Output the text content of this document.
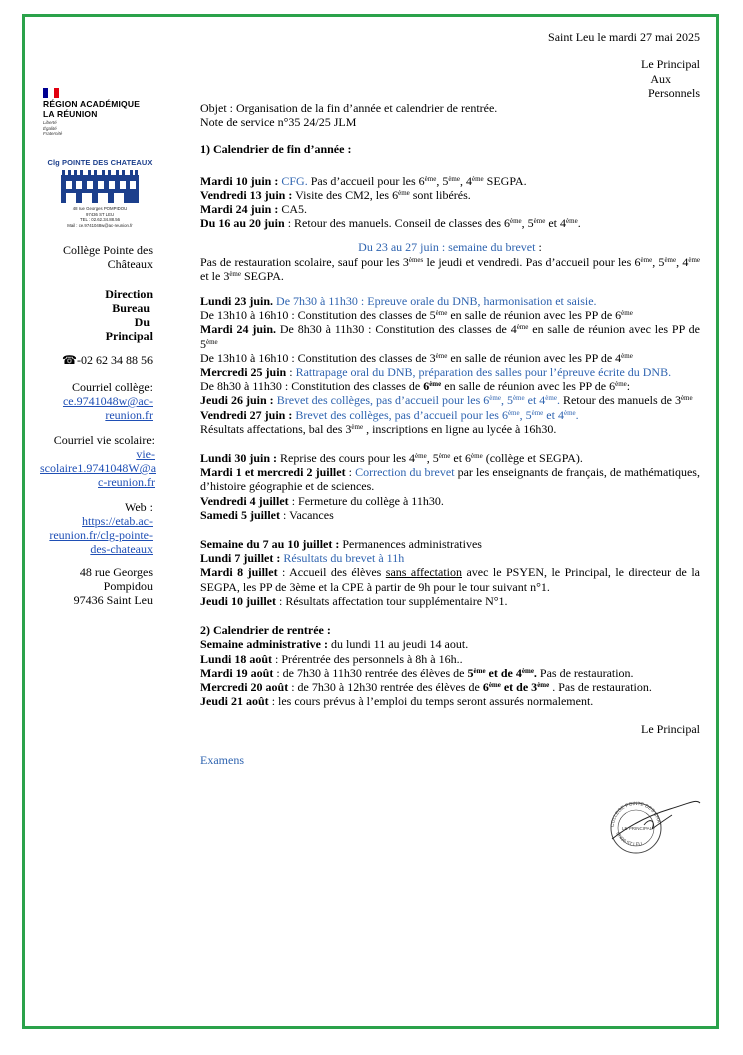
Saint Leu le mardi 27 mai 2025
Le Principal
Aux
Personnels
RÉGION ACADÉMIQUE
LA RÉUNION
Liberté
Égalité
Fraternité
Clg POINTE DES CHATEAUX
48 rue Georges POMPIDOU
97436 ST LEU
TEL : 02.62.34.88.56
Mail : ce.9741048w@ac-reunion.fr
Collège Pointe des
Châteaux
Direction
Bureau
Du
Principal
☎-02 62 34 88 56
Courriel collège:
ce.9741048w@ac-
reunion.fr
Courriel vie scolaire:
vie-
scolaire1.9741048W@a
c-reunion.fr
Web :
https://etab.ac-
reunion.fr/clg-pointe-
des-chateaux
48 rue Georges
Pompidou
97436 Saint Leu

Objet : Organisation de la fin d’année et calendrier de rentrée.

Note de service n°35 24/25 JLM

1) Calendrier de fin d’année :

Mardi 10 juin : CFG. Pas d’accueil pour les 6ème, 5ème, 4ème SEGPA.

Vendredi 13 juin : Visite des CM2, les 6ème sont libérés.

Mardi 24 juin : CA5.

Du 16 au 20 juin : Retour des manuels. Conseil de classes des 6ème, 5ème et 4ème.

Du 23 au 27 juin : semaine du brevet :

Pas de restauration scolaire, sauf pour les 3èmes le jeudi et vendredi. Pas d’accueil pour les 6ème, 5ème, 4ème et le 3ème SEGPA.

Lundi 23 juin. De 7h30 à 11h30 : Epreuve orale du DNB, harmonisation et saisie.

De 13h10 à 16h10 : Constitution des classes de 5ème en salle de réunion avec les PP de 6ème

Mardi 24 juin. De 8h30 à 11h30 : Constitution des classes de 4ème en salle de réunion avec les PP de 5ème

De 13h10 à 16h10 : Constitution des classes de 3ème en salle de réunion avec les PP de 4ème

Mercredi 25 juin : Rattrapage oral du DNB, préparation des salles pour l’épreuve écrite du DNB.

De 8h30 à 11h30 : Constitution des classes de 6ème en salle de réunion avec les PP de 6ème:

Jeudi 26 juin : Brevet des collèges, pas d’accueil pour les 6ème, 5ème et 4ème. Retour des manuels de 3ème

Vendredi 27 juin : Brevet des collèges, pas d’accueil pour les 6ème, 5ème et 4ème.

Résultats affectations, bal des 3ème , inscriptions en ligne au lycée à 16h30.

Lundi 30 juin : Reprise des cours pour les 4ème, 5ème et 6ème (collège et SEGPA).

Mardi 1 et mercredi 2 juillet : Correction du brevet par les enseignants de français, de mathématiques, d’histoire géographie et de sciences.

Vendredi 4 juillet : Fermeture du collège à 11h30.

Samedi 5 juillet : Vacances

Semaine du 7 au 10 juillet : Permanences administratives

Lundi 7 juillet : Résultats du brevet à 11h

Mardi 8 juillet : Accueil des élèves sans affectation avec le PSYEN, le Principal, le directeur de la SEGPA, les PP de 3ème et la CPE à partir de 9h pour le tour suivant n°1.

Jeudi 10 juillet : Résultats affectation tour supplémentaire N°1.

2) Calendrier de rentrée :

Semaine administrative : du lundi 11 au jeudi 14 aout.

Lundi 18 août : Prérentrée des personnels à 8h à 16h..

Mardi 19 août : de 7h30 à 11h30 rentrée des élèves de 5ème et de 4ème. Pas de restauration.

Mercredi 20 août : de 7h30 à 12h30 rentrée des élèves de 6ème et de 3ème . Pas de restauration.

Jeudi 21 août : les cours prévus à l’emploi du temps seront assurés normalement.

Le Principal

Examens

COLLEGE POINTE DES CHAT
97436 ST LEU
LE PRINCIPAL
